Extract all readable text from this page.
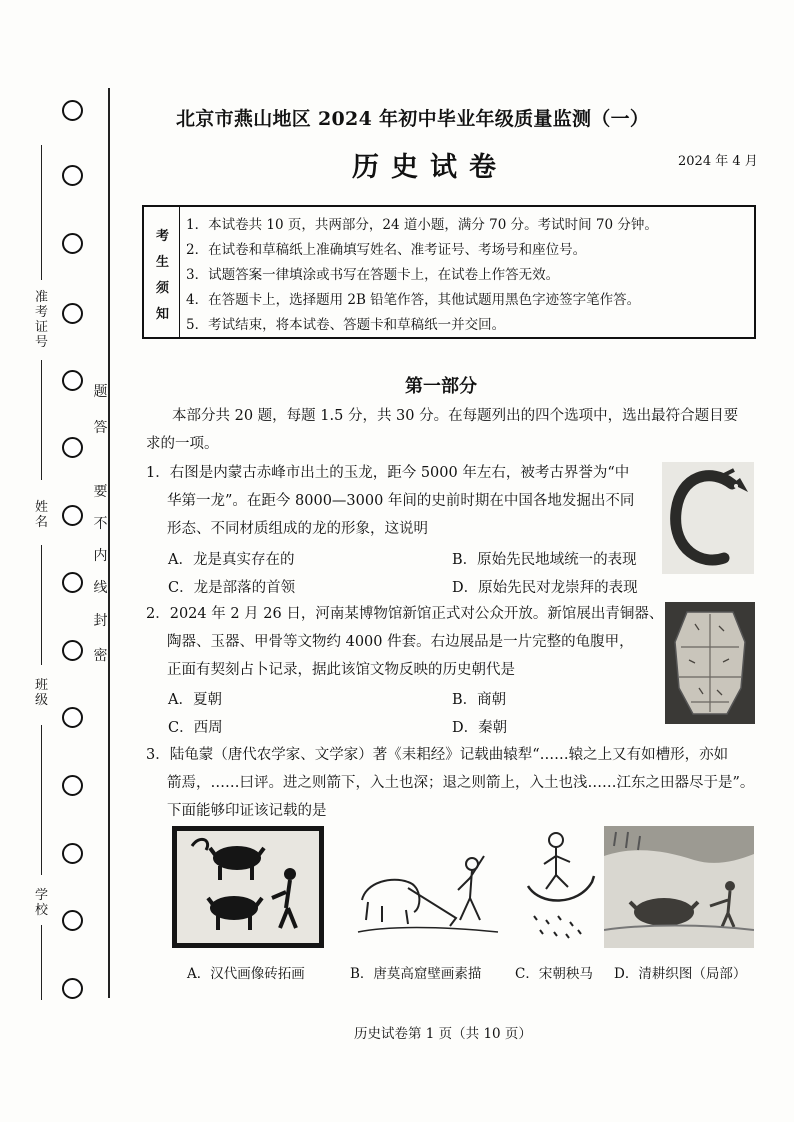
准考证号
姓名
班级
学校
密
封
线
内
不
要
答
题
北京市燕山地区 2024 年初中毕业年级质量监测（一）
历史试卷	2024 年 4 月
考
生
须
知
1．本试卷共 10 页，共两部分，24 道小题，满分 70 分。考试时间 70 分钟。
2．在试卷和草稿纸上准确填写姓名、准考证号、考场号和座位号。
3．试题答案一律填涂或书写在答题卡上，在试卷上作答无效。
4．在答题卡上，选择题用 2B 铅笔作答，其他试题用黑色字迹签字笔作答。
5．考试结束，将本试卷、答题卡和草稿纸一并交回。
第一部分
本部分共 20 题，每题 1.5 分，共 30 分。在每题列出的四个选项中，选出最符合题目要
求的一项。
1．右图是内蒙古赤峰市出土的玉龙，距今 5000 年左右，被考古界誉为“中
华第一龙”。在距今 8000—3000 年间的史前时期在中国各地发掘出不同
形态、不同材质组成的龙的形象，这说明
A．龙是真实存在的	B．原始先民地域统一的表现
C．龙是部落的首领	D．原始先民对龙崇拜的表现
2．2024 年 2 月 26 日，河南某博物馆新馆正式对公众开放。新馆展出青铜器、
陶器、玉器、甲骨等文物约 4000 件套。右边展品是一片完整的龟腹甲，
正面有契刻占卜记录，据此该馆文物反映的历史朝代是
A．夏朝	B．商朝
C．西周	D．秦朝
3．陆龟蒙（唐代农学家、文学家）著《耒耜经》记载曲辕犁“……辕之上又有如槽形，亦如
箭焉，……曰评。进之则箭下，入土也深；退之则箭上，入土也浅……江东之田器尽于是”。
下面能够印证该记载的是
A．汉代画像砖拓画	B．唐莫高窟壁画素描 C．宋朝秧马 D．清耕织图（局部）
历史试卷第 1 页（共 10 页）
